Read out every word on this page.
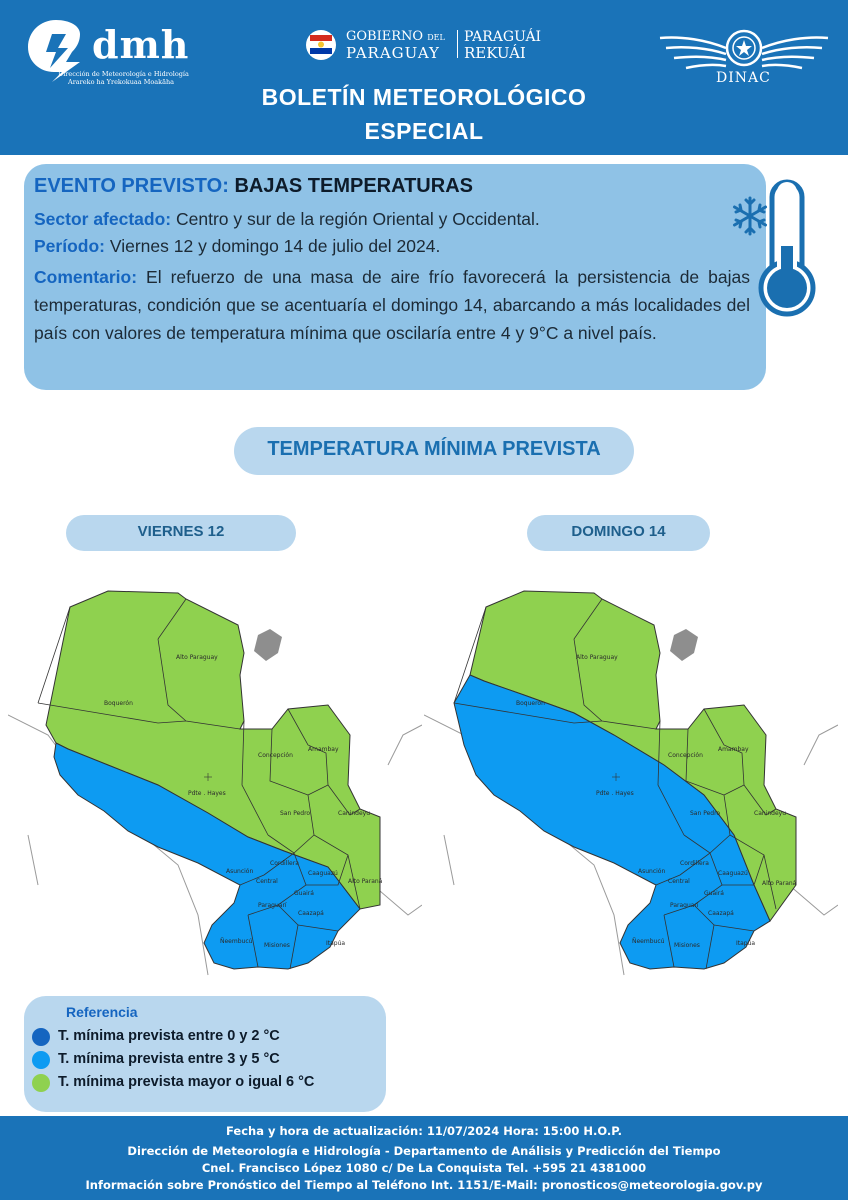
dmh
Dirección de Meteorología e Hidrología
Arareko ha Yrekokuaa Moakãha
GOBIERNO DEL
PARAGUAY
PARAGUÁI
REKUÁI
DINAC
BOLETÍN METEOROLÓGICO
ESPECIAL
EVENTO PREVISTO: BAJAS TEMPERATURAS
Sector afectado: Centro y sur de la región Oriental y Occidental.
Período: Viernes 12 y domingo 14 de julio del 2024.
Comentario: El refuerzo de una masa de aire frío favorecerá la persistencia de bajas temperaturas, condición que se acentuaría el domingo 14, abarcando a más localidades del país con valores de temperatura mínima que oscilaría entre 4 y 9°C a nivel país.
TEMPERATURA MÍNIMA PREVISTA
VIERNES 12	DOMINGO 14
Alto Paraguay
Boquerón
Pdte . Hayes
Concepción
Amambay
San Pedro	Canindeyu
Asunción
Cordillera
Caaguazú
Alto Paraná
Central
Guairá
Paraguarí
Caazapá
Ñeembucú
Misiones	Itapúa
Alto Paraguay
Boquerón
Pdte . Hayes
Concepción
Amambay
San Pedro	Canindeyu
Asunción
Cordillera
Caaguazú
Alto Paraná
Central
Guairá
Paraguarí
Caazapá
Ñeembucú
Misiones	Itapúa
Referencia
T. mínima prevista entre 0 y 2 °C
T. mínima prevista entre 3 y 5 °C
T. mínima prevista mayor o igual 6 °C
Fecha y hora de actualización: 11/07/2024 Hora: 15:00 H.O.P.
Dirección de Meteorología e Hidrología - Departamento de Análisis y Predicción del Tiempo
Cnel. Francisco López 1080 c/ De La Conquista Tel. +595 21 4381000
Información sobre Pronóstico del Tiempo al Teléfono Int. 1151/E-Mail: pronosticos@meteorologia.gov.py
